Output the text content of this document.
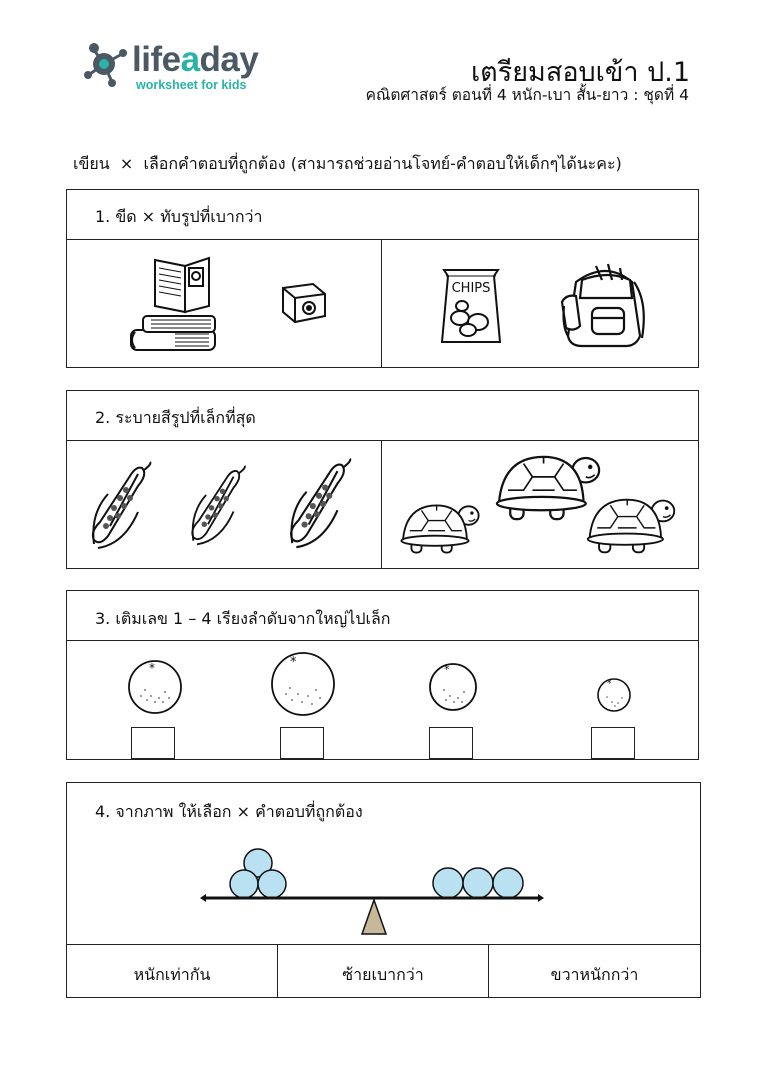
lifeaday
worksheet for kids	เตรียมสอบเข้า ป.1
คณิตศาสตร์ ตอนที่ 4 หนัก-เบา สั้น-ยาว : ชุดที่ 4
เขียน  ×  เลือกคำตอบที่ถูกต้อง (สามารถช่วยอ่านโจทย์-คำตอบให้เด็กๆได้นะคะ)
1. ขีด × ทับรูปที่เบากว่า
CHIPS
2. ระบายสีรูปที่เล็กที่สุด
3. เติมเลข 1 – 4 เรียงลำดับจากใหญ่ไปเล็ก
*	*	*
*
4. จากภาพ ให้เลือก × คำตอบที่ถูกต้อง
หนักเท่ากัน	ซ้ายเบากว่า	ขวาหนักกว่า
